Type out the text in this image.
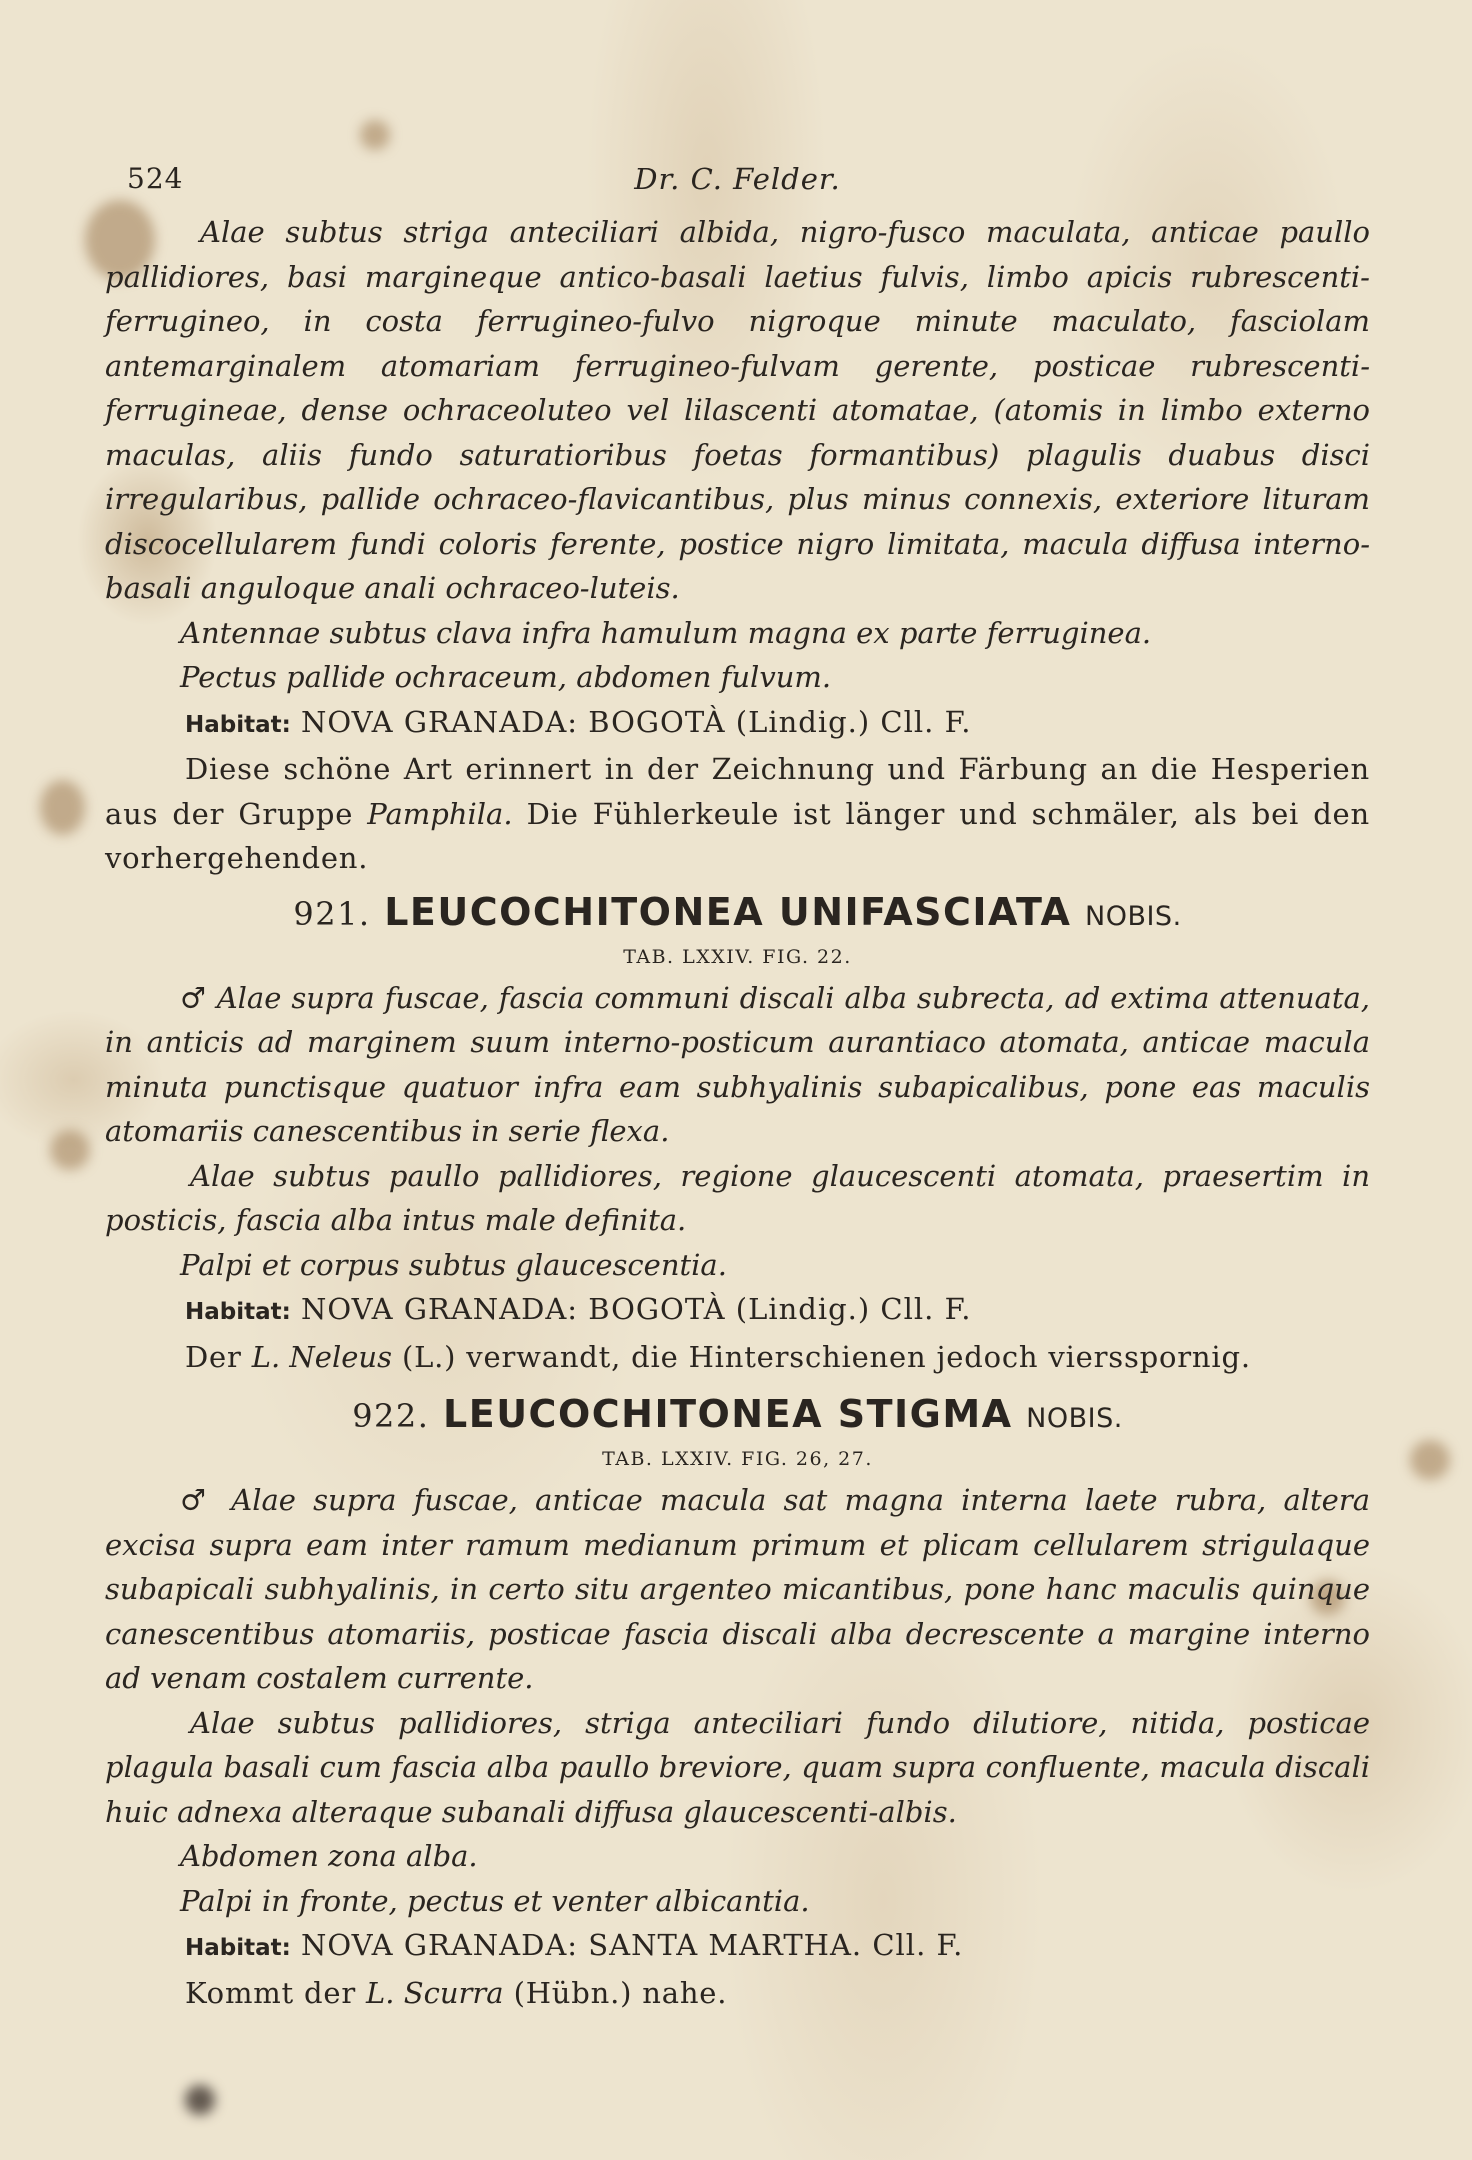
524	Dr. C. Felder.

Alae subtus striga anteciliari albida, nigro-fusco maculata, anticae paullo pallidiores, basi margineque antico-basali laetius fulvis, limbo apicis rubrescenti-ferrugineo, in costa ferrugineo-fulvo nigroque minute maculato, fasciolam antemarginalem atomariam ferrugineo-fulvam gerente, posticae rubrescenti-ferrugineae, dense ochraceoluteo vel lilascenti atomatae, (atomis in limbo externo maculas, aliis fundo saturatioribus foetas formantibus) plagulis duabus disci irregularibus, pallide ochraceo-flavicantibus, plus minus connexis, exteriore lituram discocellularem fundi coloris ferente, postice nigro limitata, macula diffusa interno-basali anguloque anali ochraceo-luteis.

Antennae subtus clava infra hamulum magna ex parte ferruginea.

Pectus pallide ochraceum, abdomen fulvum.

Habitat: NOVA GRANADA: BOGOTÀ (Lindig.) Cll. F.

Diese schöne Art erinnert in der Zeichnung und Färbung an die Hesperien aus der Gruppe Pamphila. Die Fühlerkeule ist länger und schmäler, als bei den vorhergehenden.

921. LEUCOCHITONEA UNIFASCIATA NOBIS.
TAB. LXXIV. FIG. 22.

♂ Alae supra fuscae, fascia communi discali alba subrecta, ad extima attenuata, in anticis ad marginem suum interno-posticum aurantiaco atomata, anticae macula minuta punctisque quatuor infra eam subhyalinis subapicalibus, pone eas maculis atomariis canescentibus in serie flexa.

Alae subtus paullo pallidiores, regione glaucescenti atomata, praesertim in posticis, fascia alba intus male definita.

Palpi et corpus subtus glaucescentia.

Habitat: NOVA GRANADA: BOGOTÀ (Lindig.) Cll. F.

Der L. Neleus (L.) verwandt, die Hinterschienen jedoch viersspornig.

922. LEUCOCHITONEA STIGMA NOBIS.
TAB. LXXIV. FIG. 26, 27.

♂ Alae supra fuscae, anticae macula sat magna interna laete rubra, altera excisa supra eam inter ramum medianum primum et plicam cellularem strigulaque subapicali subhyalinis, in certo situ argenteo micantibus, pone hanc maculis quinque canescentibus atomariis, posticae fascia discali alba decrescente a margine interno ad venam costalem currente.

Alae subtus pallidiores, striga anteciliari fundo dilutiore, nitida, posticae plagula basali cum fascia alba paullo breviore, quam supra confluente, macula discali huic adnexa alteraque subanali diffusa glaucescenti-albis.

Abdomen zona alba.

Palpi in fronte, pectus et venter albicantia.

Habitat: NOVA GRANADA: SANTA MARTHA. Cll. F.

Kommt der L. Scurra (Hübn.) nahe.
